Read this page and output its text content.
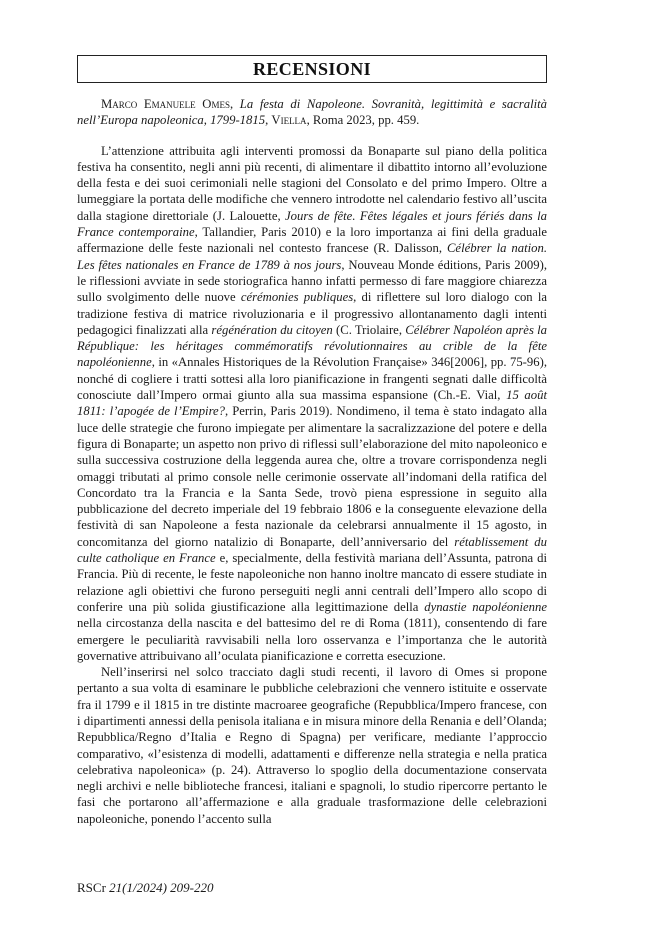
RECENSIONI

Marco Emanuele Omes, La festa di Napoleone. Sovranità, legittimità e sacralità nell’Europa napoleonica, 1799-1815, Viella, Roma 2023, pp. 459.

L’attenzione attribuita agli interventi promossi da Bonaparte sul piano della politica festiva ha consentito, negli anni più recenti, di alimentare il dibattito intorno all’evoluzione della festa e dei suoi cerimoniali nelle stagioni del Consolato e del primo Impero. Oltre a lumeggiare la portata delle modifiche che vennero introdotte nel calendario festivo all’uscita dalla stagione direttoriale (J. Lalouette, Jours de fête. Fêtes légales et jours fériés dans la France contemporaine, Tallandier, Paris 2010) e la loro importanza ai fini della graduale affermazione delle feste nazionali nel contesto francese (R. Dalisson, Célébrer la nation. Les fêtes nationales en France de 1789 à nos jours, Nouveau Monde éditions, Paris 2009), le riflessioni avviate in sede storiografica hanno infatti permesso di fare maggiore chiarezza sullo svolgimento delle nuove cérémonies publiques, di riflettere sul loro dialogo con la tradizione festiva di matrice rivoluzionaria e il progressivo allontanamento dagli intenti pedagogici finalizzati alla régénération du citoyen (C. Triolaire, Célébrer Napoléon après la République: les héritages commémoratifs révolutionnaires au crible de la fête napoléonienne, in «Annales Historiques de la Révolution Française» 346[2006], pp. 75-96), nonché di cogliere i tratti sottesi alla loro pianificazione in frangenti segnati dalle difficoltà conosciute dall’Impero ormai giunto alla sua massima espansione (Ch.-E. Vial, 15 août 1811: l’apogée de l’Empire?, Perrin, Paris 2019). Nondimeno, il tema è stato indagato alla luce delle strategie che furono impiegate per alimentare la sacralizzazione del potere e della figura di Bonaparte; un aspetto non privo di riflessi sull’elaborazione del mito napoleonico e sulla successiva costruzione della leggenda aurea che, oltre a trovare corrispondenza negli omaggi tributati al primo console nelle cerimonie osservate all’indomani della ratifica del Concordato tra la Francia e la Santa Sede, trovò piena espressione in seguito alla pubblicazione del decreto imperiale del 19 febbraio 1806 e la conseguente elevazione della festività di san Napoleone a festa nazionale da celebrarsi annualmente il 15 agosto, in concomitanza del giorno natalizio di Bonaparte, dell’anniversario del rétablissement du culte catholique en France e, specialmente, della festività mariana dell’Assunta, patrona di Francia. Più di recente, le feste napoleoniche non hanno inoltre mancato di essere studiate in relazione agli obiettivi che furono perseguiti negli anni centrali dell’Impero allo scopo di conferire una più solida giustificazione alla legittimazione della dynastie napoléonienne nella circostanza della nascita e del battesimo del re di Roma (1811), consentendo di fare emergere le peculiarità ravvisabili nella loro osservanza e l’importanza che le autorità governative attribuivano all’oculata pianificazione e corretta esecuzione.

Nell’inserirsi nel solco tracciato dagli studi recenti, il lavoro di Omes si propone pertanto a sua volta di esaminare le pubbliche celebrazioni che vennero istituite e osservate fra il 1799 e il 1815 in tre distinte macroaree geografiche (Repubblica/Impero francese, con i dipartimenti annessi della penisola italiana e in misura minore della Renania e dell’Olanda; Repubblica/Regno d’Italia e Regno di Spagna) per verificare, mediante l’approccio comparativo, «l’esistenza di modelli, adattamenti e differenze nella strategia e nella pratica celebrativa napoleonica» (p. 24). Attraverso lo spoglio della documentazione conservata negli archivi e nelle biblioteche francesi, italiani e spagnoli, lo studio ripercorre pertanto le fasi che portarono all’affermazione e alla graduale trasformazione delle celebrazioni napoleoniche, ponendo l’accento sulla

RSCr 21(1/2024) 209-220
